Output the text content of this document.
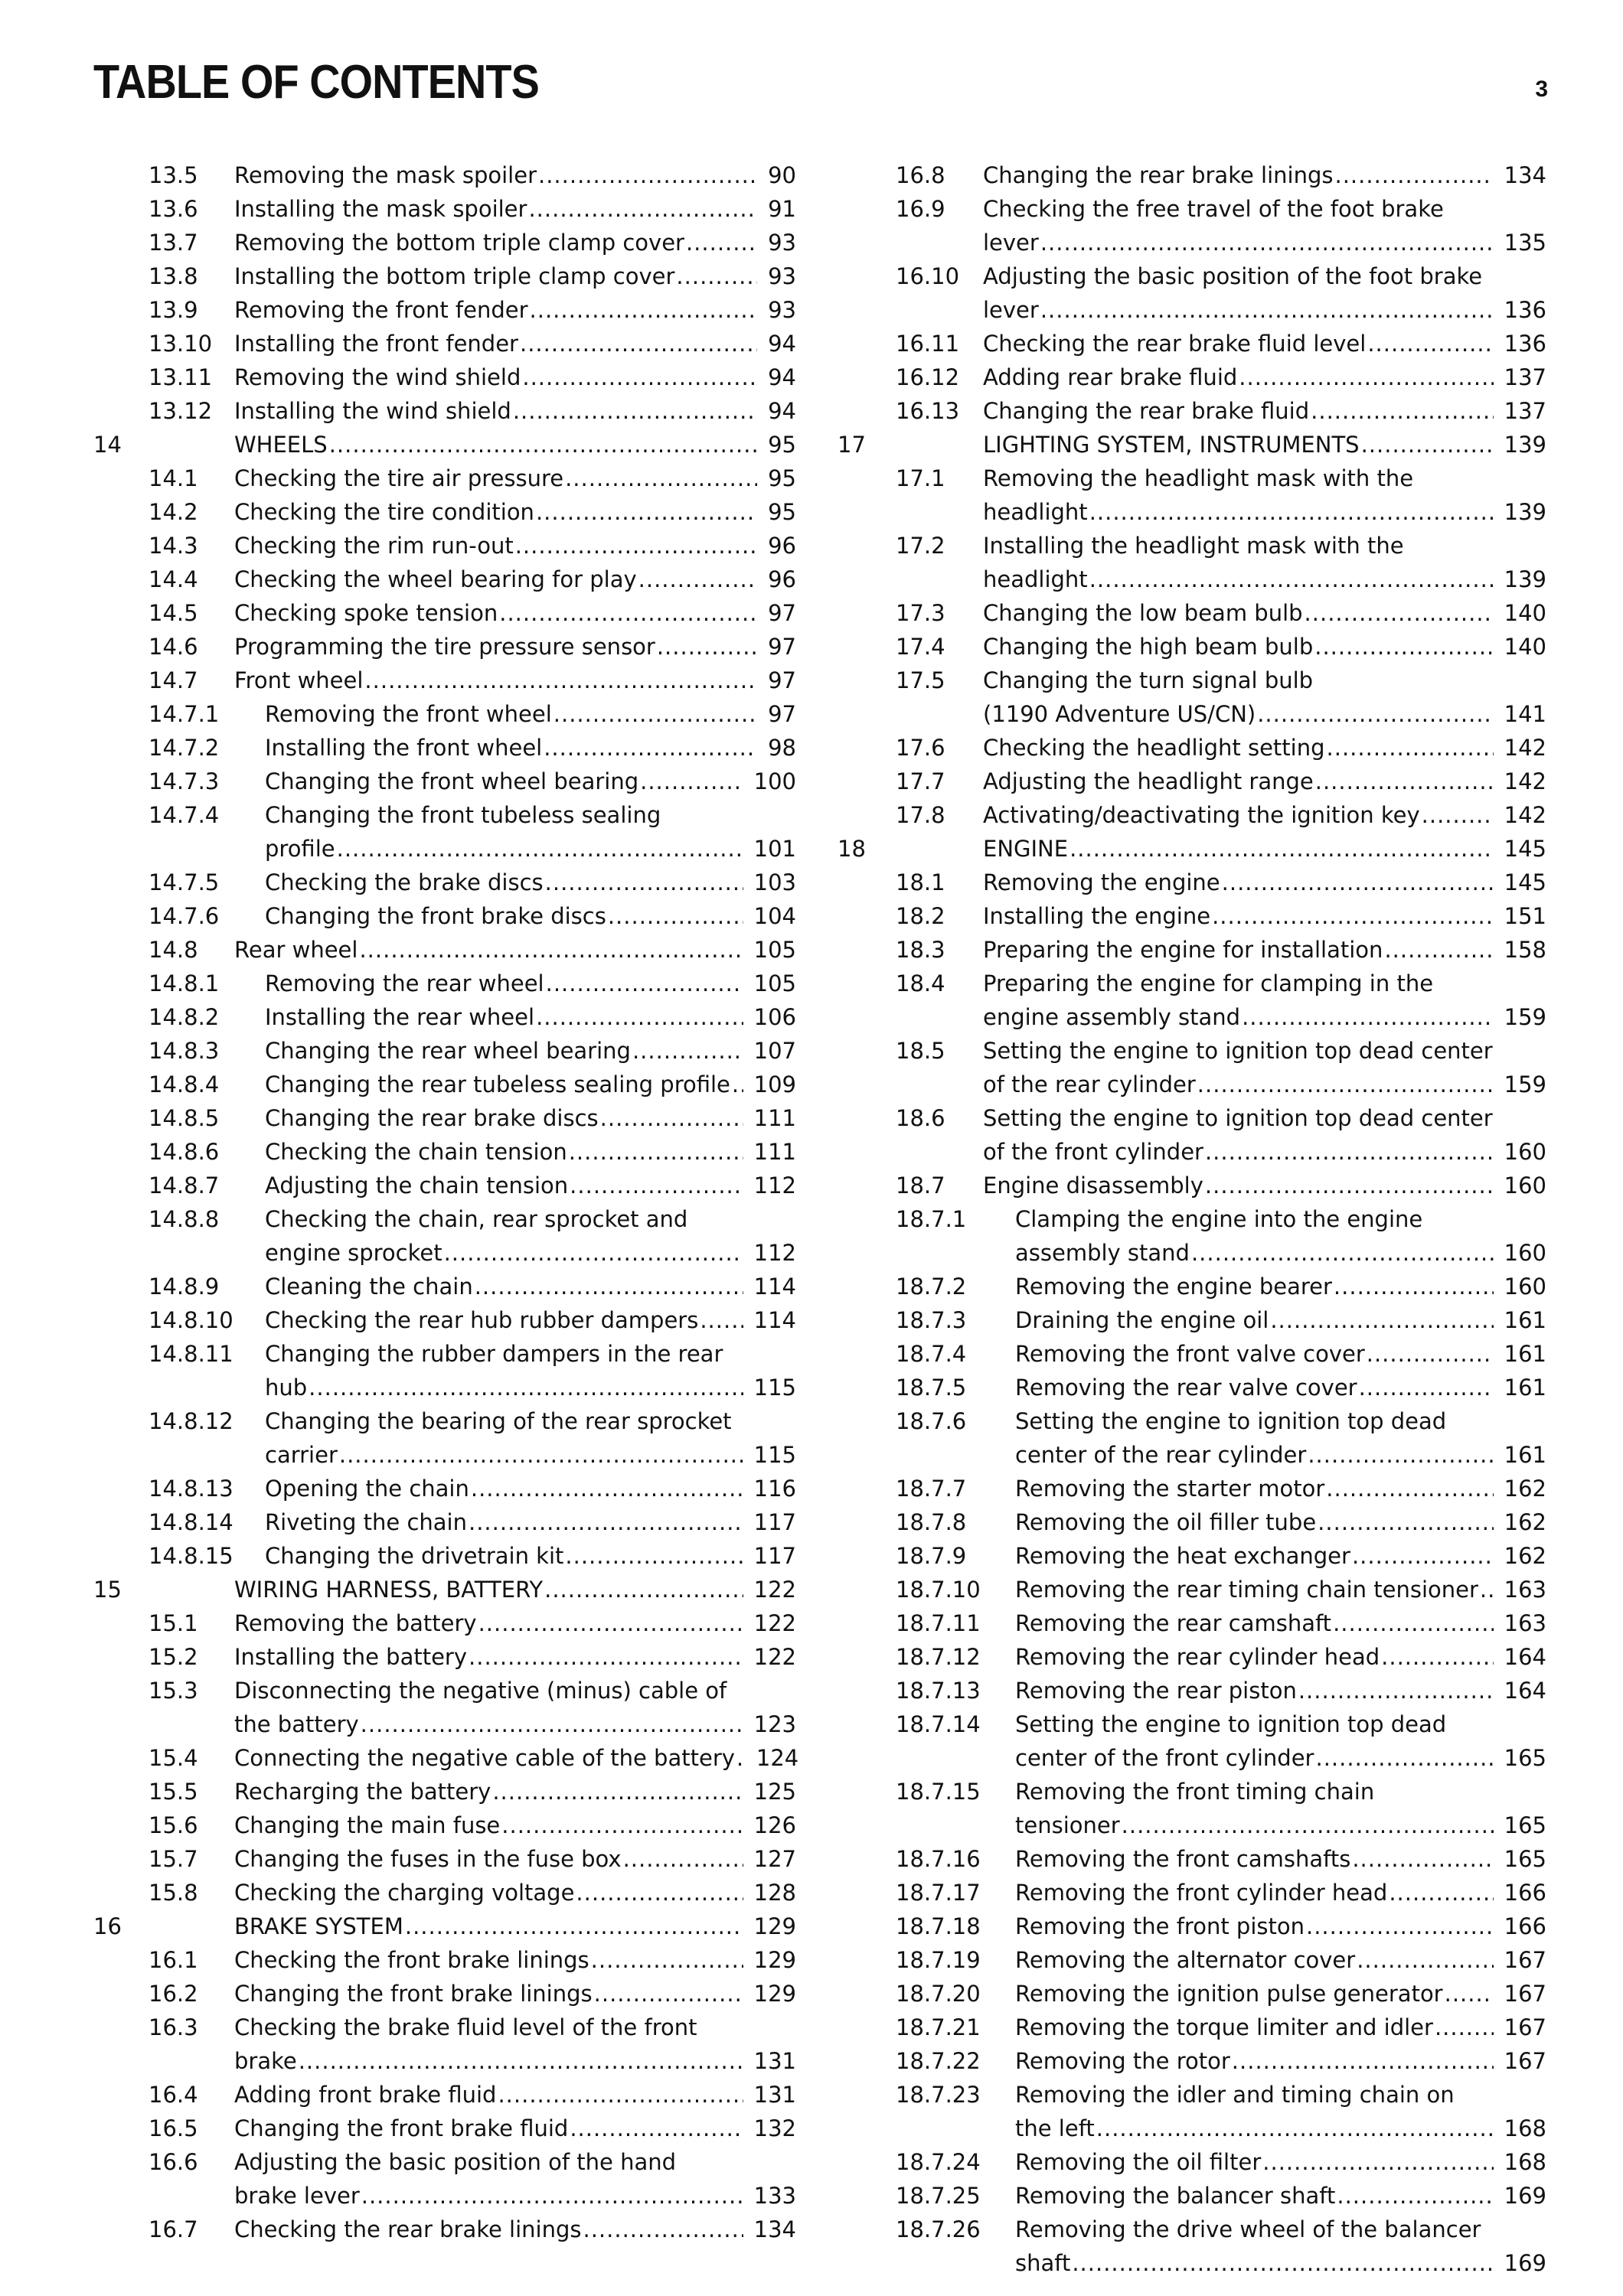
TABLE OF CONTENTS	3
13.5 Removing the mask spoiler .....	90
13.6 Installing the mask spoiler .....	91
13.7 Removing the bottom triple clamp cover .....	93
13.8 Installing the bottom triple clamp cover .....	93
13.9 Removing the front fender .....	93
13.10 Installing the front fender .....	94
13.11 Removing the wind shield .....	94
13.12 Installing the wind shield .....	94
14	WHEELS .....	95
14.1 Checking the tire air pressure .....	95
14.2 Checking the tire condition .....	95
14.3 Checking the rim run-out .....	96
14.4 Checking the wheel bearing for play .....	96
14.5 Checking spoke tension .....	97
14.6 Programming the tire pressure sensor .....	97
14.7 Front wheel .....	97
14.7.1 Removing the front wheel .....	97
14.7.2 Installing the front wheel .....	98
14.7.3 Changing the front wheel bearing .....	100
14.7.4 Changing the front tubeless sealing
profile .....	101
14.7.5 Checking the brake discs .....	103
14.7.6 Changing the front brake discs .....	104
14.8 Rear wheel .....	105
14.8.1 Removing the rear wheel .....	105
14.8.2 Installing the rear wheel .....	106
14.8.3 Changing the rear wheel bearing .....	107
14.8.4 Changing the rear tubeless sealing profile .....	109
14.8.5 Changing the rear brake discs .....	111
14.8.6 Checking the chain tension .....	111
14.8.7 Adjusting the chain tension .....	112
14.8.8 Checking the chain, rear sprocket and
engine sprocket .....	112
14.8.9 Cleaning the chain .....	114
14.8.10 Checking the rear hub rubber dampers .....	114
14.8.11 Changing the rubber dampers in the rear
hub .....	115
14.8.12 Changing the bearing of the rear sprocket
carrier .....	115
14.8.13 Opening the chain .....	116
14.8.14 Riveting the chain .....	117
14.8.15 Changing the drivetrain kit .....	117
15	WIRING HARNESS, BATTERY .....	122
15.1 Removing the battery .....	122
15.2 Installing the battery .....	122
15.3 Disconnecting the negative (minus) cable of
the battery .....	123
15.4 Connecting the negative cable of the battery ..... 124
15.5 Recharging the battery .....	125
15.6 Changing the main fuse .....	126
15.7 Changing the fuses in the fuse box .....	127
15.8 Checking the charging voltage .....	128
16	BRAKE SYSTEM .....	129
16.1 Checking the front brake linings .....	129
16.2 Changing the front brake linings .....	129
16.3 Checking the brake fluid level of the front
brake .....	131
16.4 Adding front brake fluid .....	131
16.5 Changing the front brake fluid .....	132
16.6 Adjusting the basic position of the hand
brake lever .....	133
16.7 Checking the rear brake linings .....	134
16.8 Changing the rear brake linings .....	134
16.9 Checking the free travel of the foot brake
lever .....	135
16.10 Adjusting the basic position of the foot brake
lever .....	136
16.11 Checking the rear brake fluid level .....	136
16.12 Adding rear brake fluid .....	137
16.13 Changing the rear brake fluid .....	137
17	LIGHTING SYSTEM, INSTRUMENTS .....	139
17.1 Removing the headlight mask with the
headlight .....	139
17.2 Installing the headlight mask with the
headlight .....	139
17.3 Changing the low beam bulb .....	140
17.4 Changing the high beam bulb .....	140
17.5 Changing the turn signal bulb
(1190 Adventure US/CN) .....	141
17.6 Checking the headlight setting .....	142
17.7 Adjusting the headlight range .....	142
17.8 Activating/deactivating the ignition key .....	142
18	ENGINE .....	145
18.1 Removing the engine .....	145
18.2 Installing the engine .....	151
18.3 Preparing the engine for installation .....	158
18.4 Preparing the engine for clamping in the
engine assembly stand .....	159
18.5 Setting the engine to ignition top dead center
of the rear cylinder .....	159
18.6 Setting the engine to ignition top dead center
of the front cylinder .....	160
18.7 Engine disassembly .....	160
18.7.1 Clamping the engine into the engine
assembly stand .....	160
18.7.2 Removing the engine bearer .....	160
18.7.3 Draining the engine oil .....	161
18.7.4 Removing the front valve cover .....	161
18.7.5 Removing the rear valve cover .....	161
18.7.6 Setting the engine to ignition top dead
center of the rear cylinder .....	161
18.7.7 Removing the starter motor .....	162
18.7.8 Removing the oil filler tube .....	162
18.7.9 Removing the heat exchanger .....	162
18.7.10 Removing the rear timing chain tensioner .....	163
18.7.11 Removing the rear camshaft .....	163
18.7.12 Removing the rear cylinder head .....	164
18.7.13 Removing the rear piston .....	164
18.7.14 Setting the engine to ignition top dead
center of the front cylinder .....	165
18.7.15 Removing the front timing chain
tensioner .....	165
18.7.16 Removing the front camshafts .....	165
18.7.17 Removing the front cylinder head .....	166
18.7.18 Removing the front piston .....	166
18.7.19 Removing the alternator cover .....	167
18.7.20 Removing the ignition pulse generator .....	167
18.7.21 Removing the torque limiter and idler .....	167
18.7.22 Removing the rotor .....	167
18.7.23 Removing the idler and timing chain on
the left .....	168
18.7.24 Removing the oil filter .....	168
18.7.25 Removing the balancer shaft .....	169
18.7.26 Removing the drive wheel of the balancer
shaft .....	169
